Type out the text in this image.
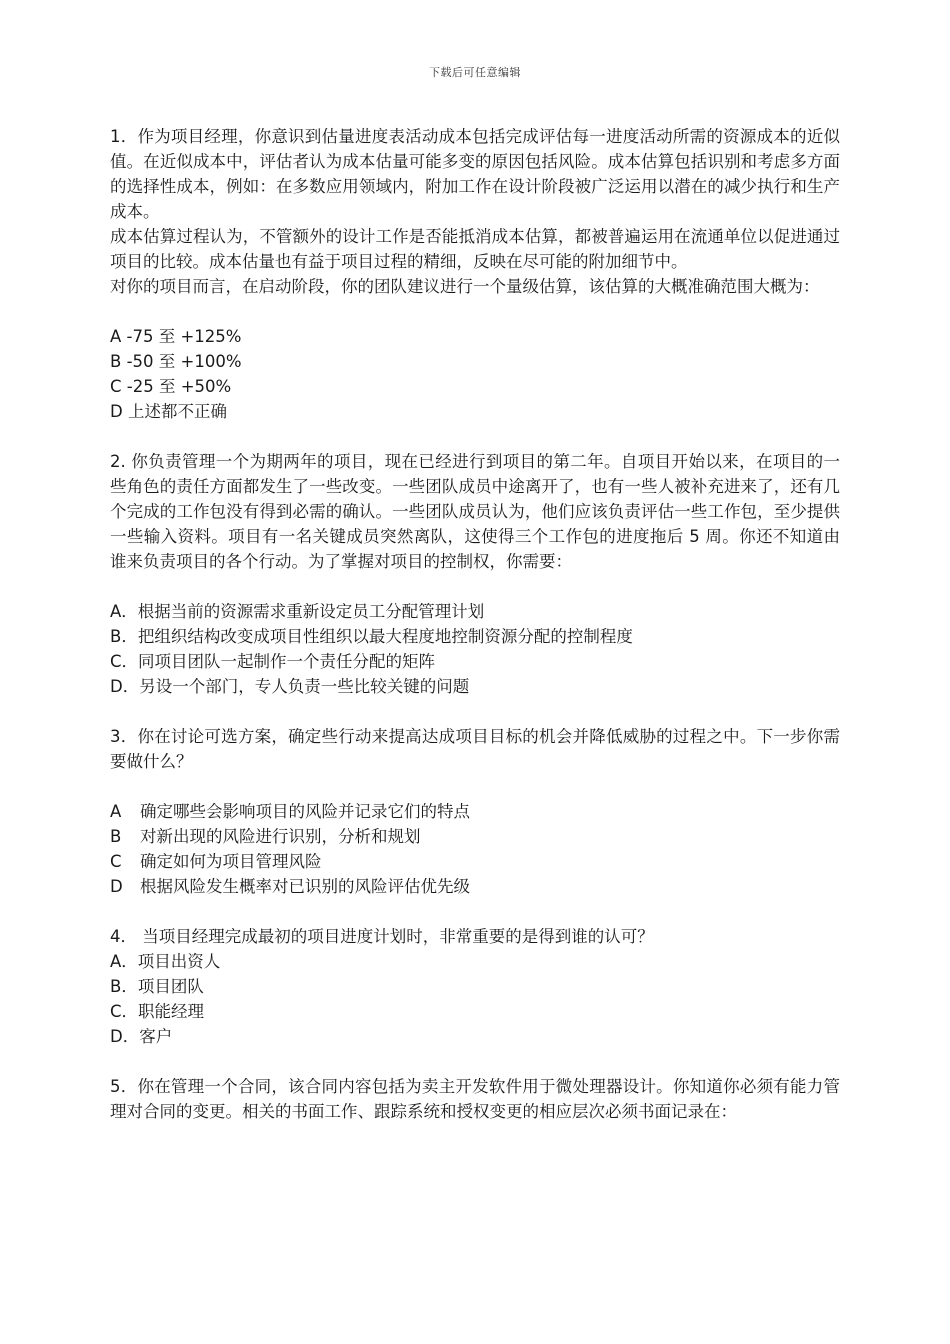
下载后可任意编辑

1．作为项目经理，你意识到估量进度表活动成本包括完成评估每一进度活动所需的资源成本的近似值。在近似成本中，评估者认为成本估量可能多变的原因包括风险。成本估算包括识别和考虑多方面的选择性成本，例如：在多数应用领域内，附加工作在设计阶段被广泛运用以潜在的减少执行和生产成本。

成本估算过程认为，不管额外的设计工作是否能抵消成本估算，都被普遍运用在流通单位以促进通过项目的比较。成本估量也有益于项目过程的精细，反映在尽可能的附加细节中。

对你的项目而言，在启动阶段，你的团队建议进行一个量级估算，该估算的大概准确范围大概为：

A -75 至 +125%

B -50 至 +100%

C -25 至 +50%

D 上述都不正确

2. 你负责管理一个为期两年的项目，现在已经进行到项目的第二年。自项目开始以来，在项目的一些角色的责任方面都发生了一些改变。一些团队成员中途离开了，也有一些人被补充进来了，还有几个完成的工作包没有得到必需的确认。一些团队成员认为，他们应该负责评估一些工作包，至少提供一些输入资料。项目有一名关键成员突然离队，这使得三个工作包的进度拖后 5 周。你还不知道由谁来负责项目的各个行动。为了掌握对项目的控制权，你需要：

A．根据当前的资源需求重新设定员工分配管理计划

B．把组织结构改变成项目性组织以最大程度地控制资源分配的控制程度

C．同项目团队一起制作一个责任分配的矩阵

D．另设一个部门，专人负责一些比较关键的问题

3．你在讨论可选方案，确定些行动来提高达成项目目标的机会并降低威胁的过程之中。下一步你需要做什么？

A 确定哪些会影响项目的风险并记录它们的特点

B 对新出现的风险进行识别，分析和规划

C 确定如何为项目管理风险

D 根据风险发生概率对已识别的风险评估优先级

4． 当项目经理完成最初的项目进度计划时，非常重要的是得到谁的认可？

A．项目出资人

B．项目团队

C．职能经理

D．客户

5．你在管理一个合同，该合同内容包括为卖主开发软件用于微处理器设计。你知道你必须有能力管理对合同的变更。相关的书面工作、跟踪系统和授权变更的相应层次必须书面记录在：
